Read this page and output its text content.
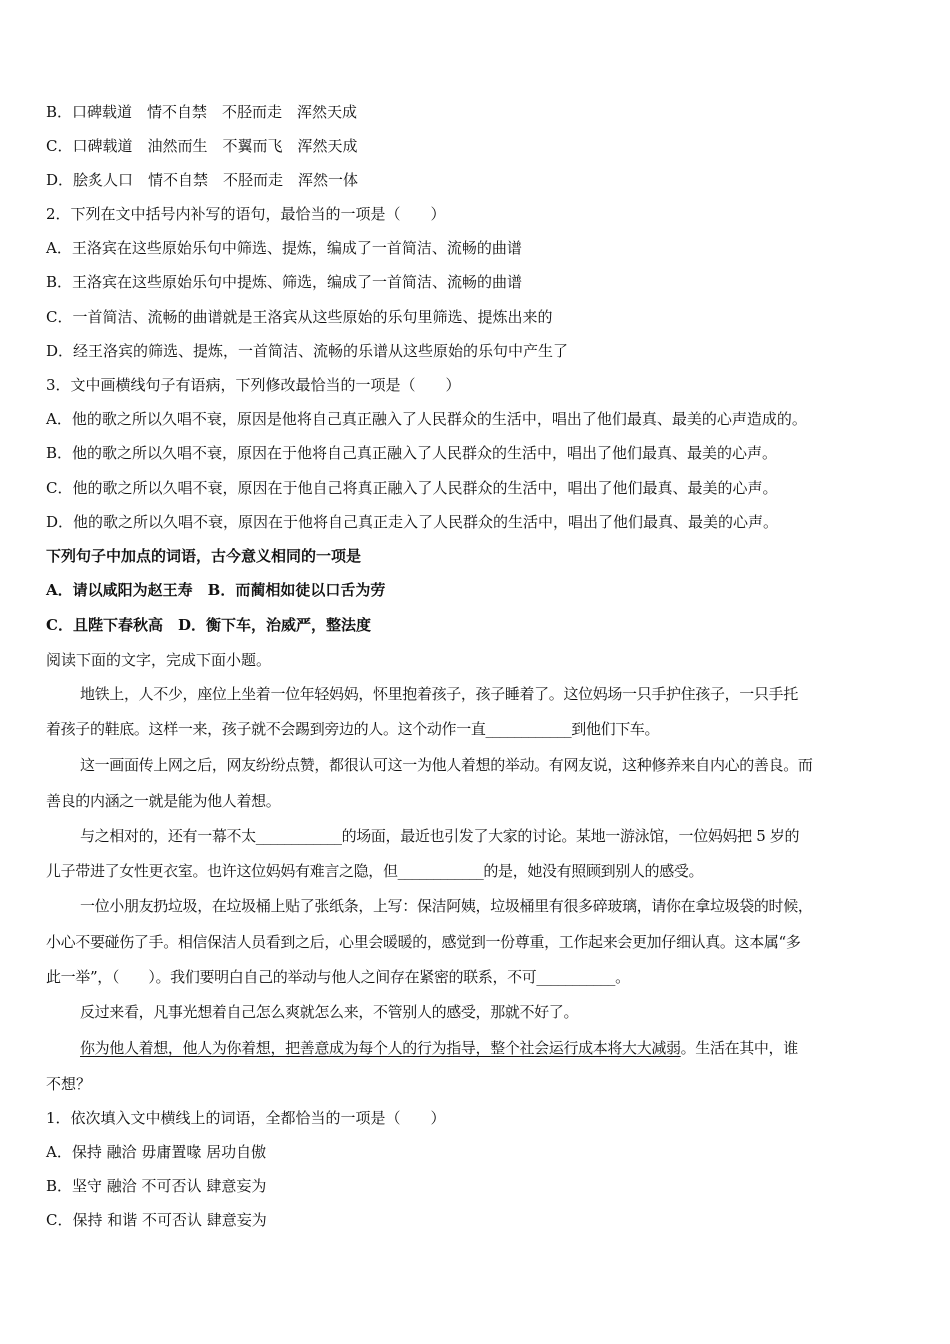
B．口碑载道　情不自禁　不胫而走　浑然天成
C．口碑载道　油然而生　不翼而飞　浑然天成
D．脍炙人口　情不自禁　不胫而走　浑然一体
2．下列在文中括号内补写的语句，最恰当的一项是（　　）
A．王洛宾在这些原始乐句中筛选、提炼，编成了一首简洁、流畅的曲谱
B．王洛宾在这些原始乐句中提炼、筛选，编成了一首简洁、流畅的曲谱
C．一首简洁、流畅的曲谱就是王洛宾从这些原始的乐句里筛选、提炼出来的
D．经王洛宾的筛选、提炼，一首简洁、流畅的乐谱从这些原始的乐句中产生了
3．文中画横线句子有语病，下列修改最恰当的一项是（　　）
A．他的歌之所以久唱不衰，原因是他将自己真正融入了人民群众的生活中，唱出了他们最真、最美的心声造成的。
B．他的歌之所以久唱不衰，原因在于他将自己真正融入了人民群众的生活中，唱出了他们最真、最美的心声。
C．他的歌之所以久唱不衰，原因在于他自己将真正融入了人民群众的生活中，唱出了他们最真、最美的心声。
D．他的歌之所以久唱不衰，原因在于他将自己真正走入了人民群众的生活中，唱出了他们最真、最美的心声。
下列句子中加点的词语，古今意义相同的一项是
A．请以咸阳为赵王寿　B．而蔺相如徒以口舌为劳
C．且陛下春秋高　D．衡下车，治威严，整法度
阅读下面的文字，完成下面小题。
地铁上，人不少，座位上坐着一位年轻妈妈，怀里抱着孩子，孩子睡着了。这位妈场一只手护住孩子，一只手托
着孩子的鞋底。这样一来，孩子就不会踢到旁边的人。这个动作一直____________到他们下车。
这一画面传上网之后，网友纷纷点赞，都很认可这一为他人着想的举动。有网友说，这种修养来自内心的善良。而
善良的内涵之一就是能为他人着想。
与之相对的，还有一幕不太____________的场面，最近也引发了大家的讨论。某地一游泳馆，一位妈妈把 5 岁的
儿子带进了女性更衣室。也许这位妈妈有难言之隐，但____________的是，她没有照顾到别人的感受。
一位小朋友扔垃圾，在垃圾桶上贴了张纸条，上写：保洁阿姨，垃圾桶里有很多碎玻璃，请你在拿垃圾袋的时候，
小心不要碰伤了手。相信保洁人员看到之后，心里会暖暖的，感觉到一份尊重，工作起来会更加仔细认真。这本属“多
此一举”，（　　）。我们要明白自己的举动与他人之间存在紧密的联系，不可___________。
反过来看，凡事光想着自己怎么爽就怎么来，不管别人的感受，那就不好了。
你为他人着想，他人为你着想，把善意成为每个人的行为指导，整个社会运行成本将大大减弱。生活在其中，谁
不想？
1．依次填入文中横线上的词语，全都恰当的一项是（　　）
A．保持 融洽 毋庸置喙 居功自傲
B．坚守 融洽 不可否认 肆意妄为
C．保持 和谐 不可否认 肆意妄为
